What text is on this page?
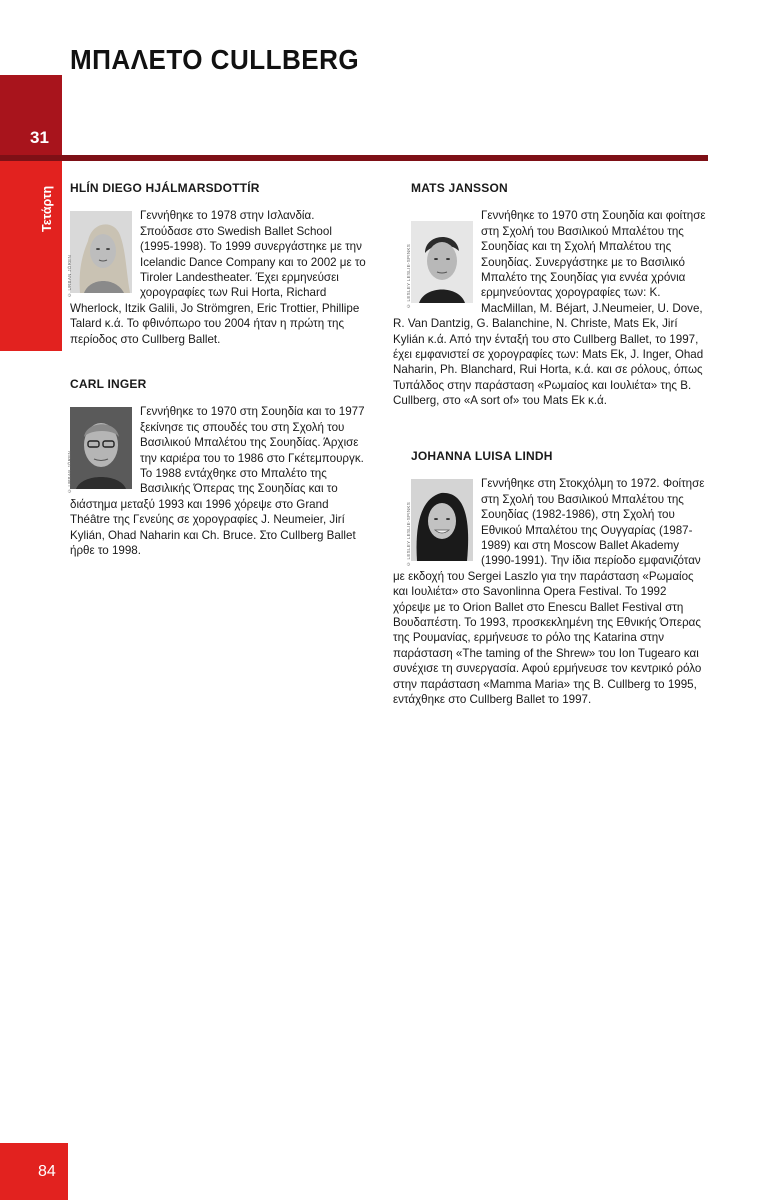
ΜΠΑΛΕΤΟ CULLBERG
31
Τετάρτη HLÍN DIEGO HJÁLMARSDOTTÍR
© URBAN JÖREN

Γεννήθηκε το 1978 στην Ισλανδία. Σπούδασε στο Swedish Ballet School (1995-1998). Το 1999 συνεργάστηκε με την Icelandic Dance Company και το 2002 με το Tiroler Landestheater. Έχει ερμηνεύσει χορογραφίες των Rui Horta, Richard Wherlock, Itzik Galili, Jo Strömgren, Eric Trottier, Phillipe Talard κ.ά. Το φθινόπωρο του 2004 ήταν η πρώτη της περίοδος στο Cullberg Ballet.

CARL INGER
© URBAN JÖREN

Γεννήθηκε το 1970 στη Σουηδία και το 1977 ξεκίνησε τις σπουδές του στη Σχολή του Βασιλικού Μπαλέτου της Σουηδίας. Άρχισε την καριέρα του το 1986 στο Γκέτεμπουργκ. Το 1988 εντάχθηκε στο Μπαλέτο της Βασιλικής Όπερας της Σουηδίας και το διάστημα μεταξύ 1993 και 1996 χόρεψε στο Grand Théâtre της Γενεύης σε χορογραφίες J. Neumeier, Jirí Kylián, Ohad Naharin και Ch. Bruce. Στο Cullberg Ballet ήρθε το 1998.

MATS JANSSON
© LESLEY LESLIE-SPINKS

Γεννήθηκε το 1970 στη Σουηδία και φοίτησε στη Σχολή του Βασιλικού Μπαλέτου της Σουηδίας και τη Σχολή Μπαλέτου της Σουηδίας. Συνεργάστηκε με το Βασιλικό Μπαλέτο της Σουηδίας για εννέα χρόνια ερμηνεύοντας χορογραφίες των: K. MacMillan, M. Béjart, J.Neumeier, U. Dove, R. Van Dantzig, G. Balanchine, N. Christe, Mats Ek, Jirí Kylián κ.ά. Από την ένταξή του στο Cullberg Ballet, το 1997, έχει εμφανιστεί σε χορογραφίες των: Mats Ek, J. Inger, Ohad Naharin, Ph. Blanchard, Rui Horta, κ.ά. και σε ρόλους, όπως Τυπάλδος στην παράσταση «Ρωμαίος και Ιουλιέτα» της B. Cullberg, στο «A sort of» του Mats Ek κ.ά.

JOHANNA LUISA LINDH
© LESLEY LESLIE-SPINKS

Γεννήθηκε στη Στοκχόλμη το 1972. Φοίτησε στη Σχολή του Βασιλικού Μπαλέτου της Σουηδίας (1982-1986), στη Σχολή του Εθνικού Μπαλέτου της Ουγγαρίας (1987-1989) και στη Moscow Ballet Akademy (1990-1991). Την ίδια περίοδο εμφανιζόταν με εκδοχή του Sergei Laszlo για την παράσταση «Ρωμαίος και Ιουλιέτα» στο Savonlinna Opera Festival. Το 1992 χόρεψε με το Orion Ballet στο Enescu Ballet Festival στη Βουδαπέστη. Το 1993, προσκεκλημένη της Εθνικής Όπερας της Ρουμανίας, ερμήνευσε το ρόλο της Katarina στην παράσταση «The taming of the Shrew» του Ion Tugearo και συνέχισε τη συνεργασία. Αφού ερμήνευσε τον κεντρικό ρόλο στην παράσταση «Mamma Maria» της B. Cullberg το 1995, εντάχθηκε στο Cullberg Ballet το 1997.

84
